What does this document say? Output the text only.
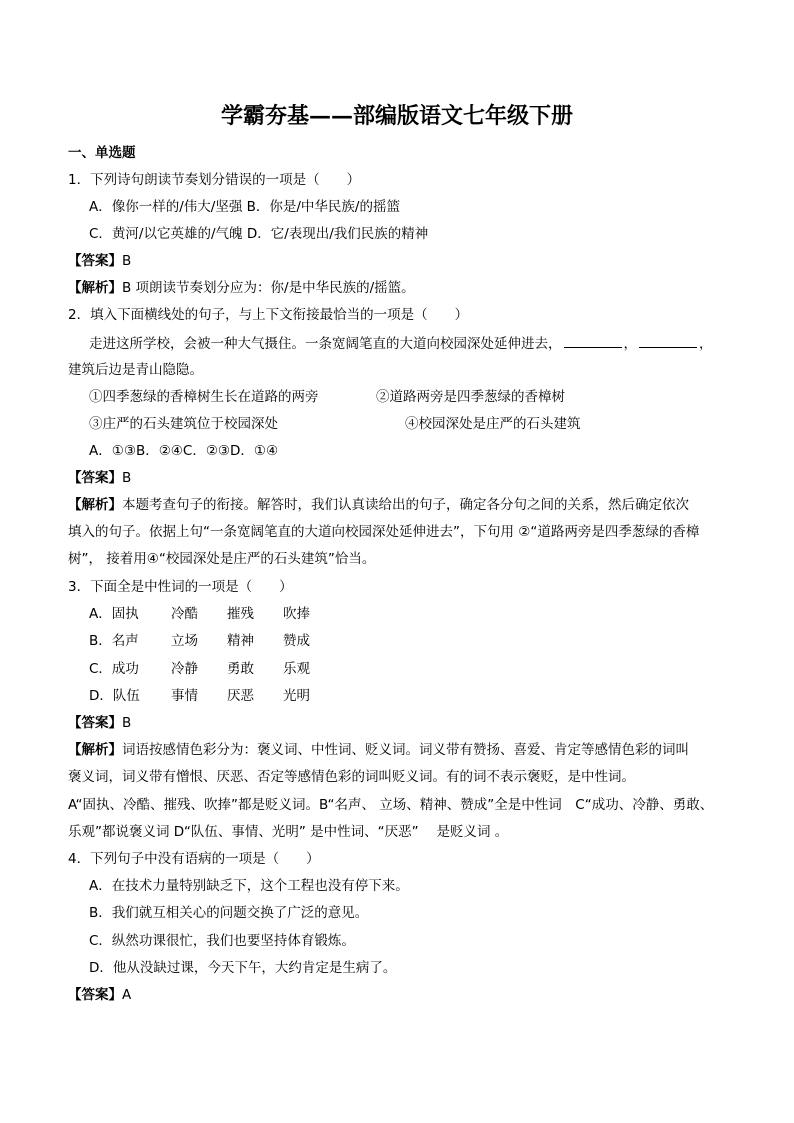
学霸夯基——部编版语文七年级下册
一、单选题
1．下列诗句朗读节奏划分错误的一项是（　　）
A．像你一样的/伟大/坚强 B．你是/中华民族/的摇篮
C．黄河/以它英雄的/气魄 D．它/表现出/我们民族的精神
【答案】B
【解析】B 项朗读节奏划分应为：你/是中华民族的/摇篮。
2．填入下面横线处的句子，与上下文衔接最恰当的一项是（　　）
走进这所学校，会被一种大气摄住。一条宽阔笔直的大道向校园深处延伸进去，	，	，
建筑后边是青山隐隐。
①四季葱绿的香樟树生长在道路的两旁	②道路两旁是四季葱绿的香樟树
③庄严的石头建筑位于校园深处	④校园深处是庄严的石头建筑
A．①③B．②④C．②③D．①④
【答案】B
【解析】本题考查句子的衔接。解答时，我们认真读给出的句子，确定各分句之间的关系，然后确定依次
填入的句子。依据上句“一条宽阔笔直的大道向校园深处延伸进去”，下句用 ②“道路两旁是四季葱绿的香樟
树”， 接着用④“校园深处是庄严的石头建筑”恰当。
3．下面全是中性词的一项是（　　）
A．固执 冷酷 摧残 吹捧
B．名声 立场 精神 赞成
C．成功 冷静 勇敢 乐观
D．队伍 事情 厌恶 光明
【答案】B
【解析】词语按感情色彩分为：褒义词、中性词、贬义词。词义带有赞扬、喜爱、肯定等感情色彩的词叫
褒义词，词义带有憎恨、厌恶、否定等感情色彩的词叫贬义词。有的词不表示褒贬，是中性词。
A“固执、冷酷、摧残、吹捧”都是贬义词。B“名声、 立场、精神、赞成”全是中性词　C“成功、冷静、勇敢、
乐观”都说褒义词 D“队伍、事情、光明” 是中性词、“厌恶”　 是贬义词 。
4．下列句子中没有语病的一项是（　　）
A．在技术力量特别缺乏下，这个工程也没有停下来。
B．我们就互相关心的问题交换了广泛的意见。
C．纵然功课很忙，我们也要坚持体育锻炼。
D．他从没缺过课，今天下午，大约肯定是生病了。
【答案】A
